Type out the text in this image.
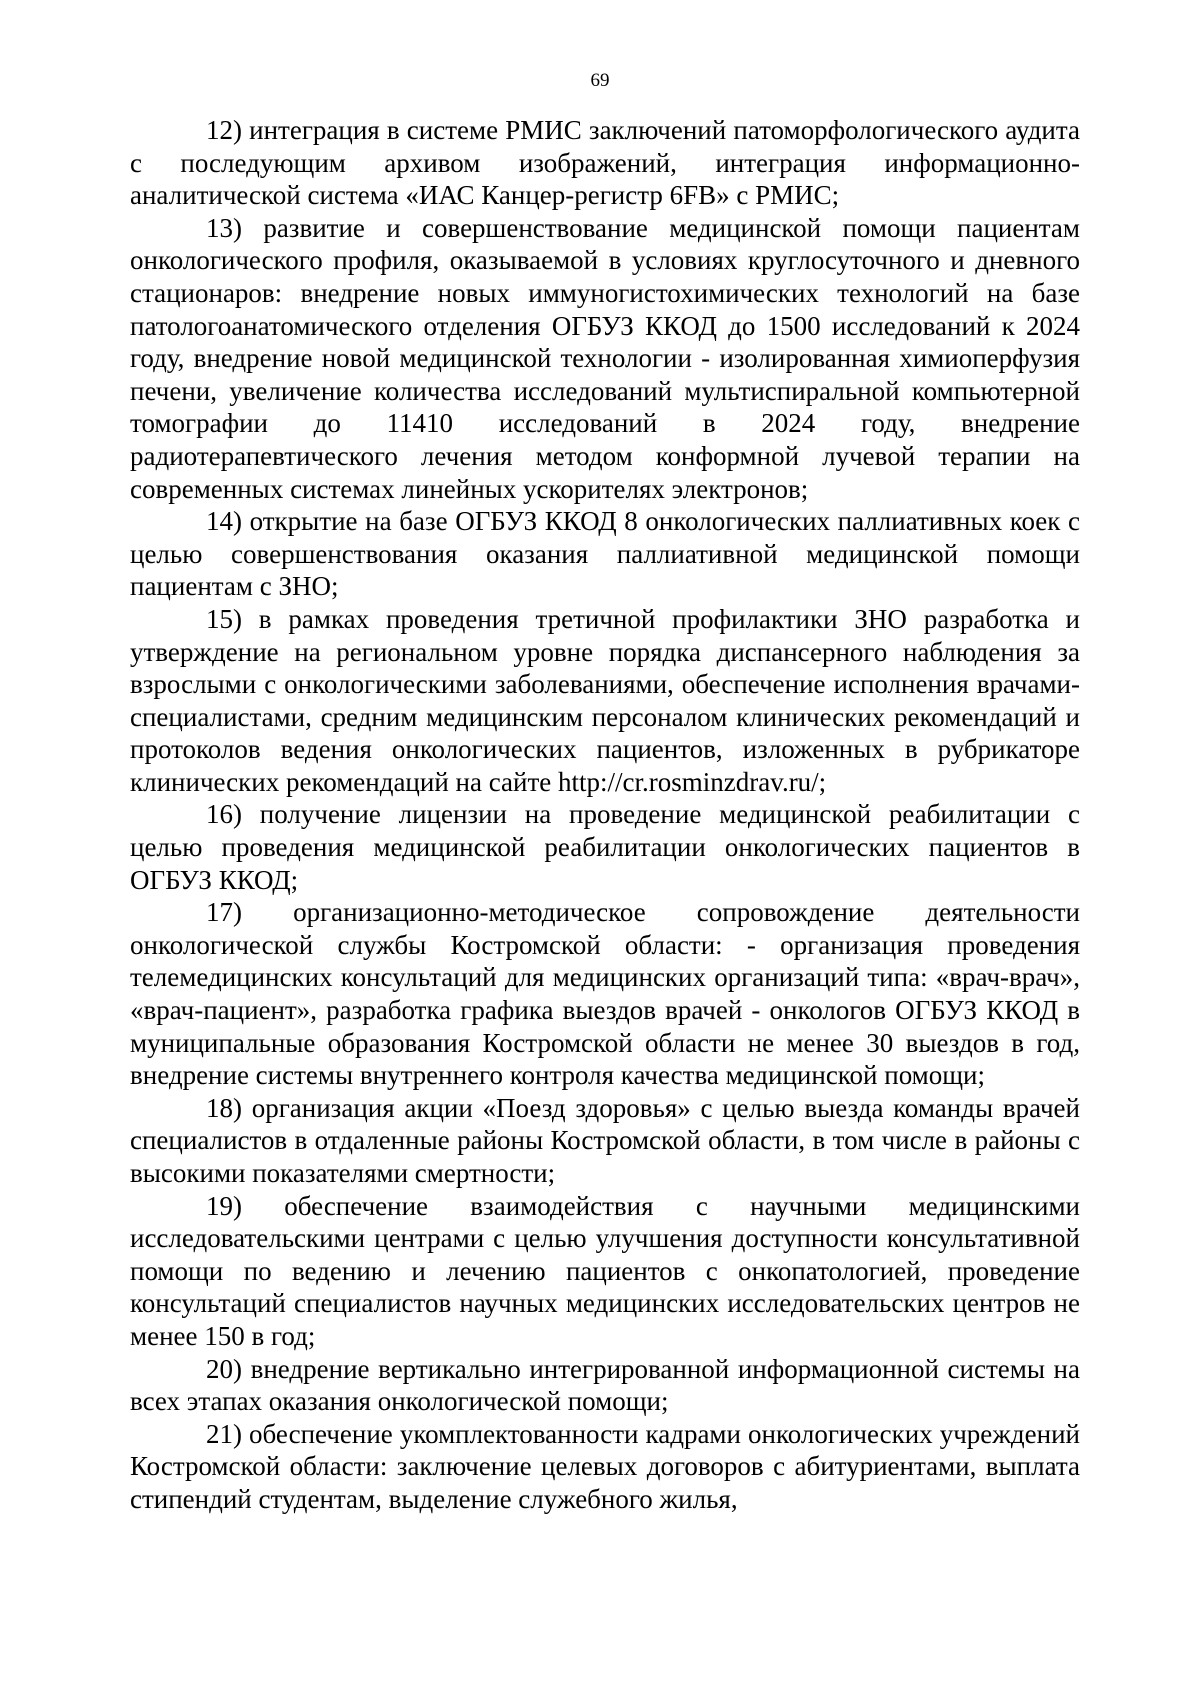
69

12) интеграция в системе РМИС заключений патоморфологического аудита с последующим архивом изображений, интеграция информационно-аналитической система «ИАС Канцер-регистр 6FB» с РМИС;

13) развитие и совершенствование медицинской помощи пациентам онкологического профиля, оказываемой в условиях круглосуточного и дневного стационаров: внедрение новых иммуногистохимических технологий на базе патологоанатомического отделения ОГБУЗ ККОД до 1500 исследований к 2024 году, внедрение новой медицинской технологии - изолированная химиоперфузия печени, увеличение количества исследований мультиспиральной компьютерной томографии до 11410 исследований в 2024 году, внедрение радиотерапевтического лечения методом конформной лучевой терапии на современных системах линейных ускорителях электронов;

14) открытие на базе ОГБУЗ ККОД 8 онкологических паллиативных коек с целью совершенствования оказания паллиативной медицинской помощи пациентам с ЗНО;

15) в рамках проведения третичной профилактики ЗНО разработка и утверждение на региональном уровне порядка диспансерного наблюдения за взрослыми с онкологическими заболеваниями, обеспечение исполнения врачами-специалистами, средним медицинским персоналом клинических рекомендаций и протоколов ведения онкологических пациентов, изложенных в рубрикаторе клинических рекомендаций на сайте http://cr.rosminzdrav.ru/;

16) получение лицензии на проведение медицинской реабилитации с целью проведения медицинской реабилитации онкологических пациентов в ОГБУЗ ККОД;

17) организационно-методическое сопровождение деятельности онкологической службы Костромской области: - организация проведения телемедицинских консультаций для медицинских организаций типа: «врач-врач», «врач-пациент», разработка графика выездов врачей - онкологов ОГБУЗ ККОД в муниципальные образования Костромской области не менее 30 выездов в год, внедрение системы внутреннего контроля качества медицинской помощи;

18) организация акции «Поезд здоровья» с целью выезда команды врачей специалистов в отдаленные районы Костромской области, в том числе в районы с высокими показателями смертности;

19) обеспечение взаимодействия с научными медицинскими исследовательскими центрами с целью улучшения доступности консультативной помощи по ведению и лечению пациентов с онкопатологией, проведение консультаций специалистов научных медицинских исследовательских центров не менее 150 в год;

20) внедрение вертикально интегрированной информационной системы на всех этапах оказания онкологической помощи;

21) обеспечение укомплектованности кадрами онкологических учреждений Костромской области: заключение целевых договоров с абитуриентами, выплата стипендий студентам, выделение служебного жилья,
